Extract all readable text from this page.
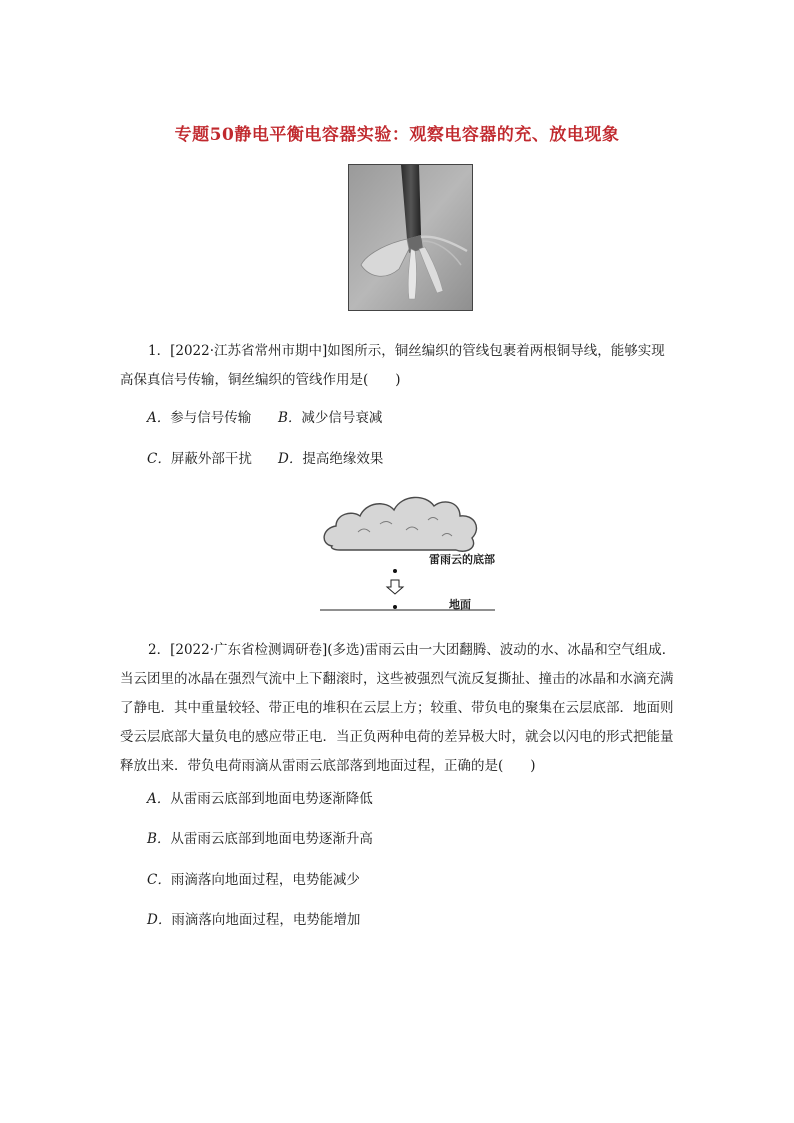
专题50静电平衡电容器实验：观察电容器的充、放电现象

1．[2022·江苏省常州市期中]如图所示，铜丝编织的管线包裹着两根铜导线，能够实现高保真信号传输，铜丝编织的管线作用是(　　)

A．参与信号传输 B．减少信号衰减
C．屏蔽外部干扰 D．提高绝缘效果
雷雨云的底部
地面

2．[2022·广东省检测调研卷](多选)雷雨云由一大团翻腾、波动的水、冰晶和空气组成．当云团里的冰晶在强烈气流中上下翻滚时，这些被强烈气流反复撕扯、撞击的冰晶和水滴充满了静电．其中重量较轻、带正电的堆积在云层上方；较重、带负电的聚集在云层底部．地面则受云层底部大量负电的感应带正电．当正负两种电荷的差异极大时，就会以闪电的形式把能量释放出来．带负电荷雨滴从雷雨云底部落到地面过程，正确的是(　　)

A．从雷雨云底部到地面电势逐渐降低
B．从雷雨云底部到地面电势逐渐升高
C．雨滴落向地面过程，电势能减少
D．雨滴落向地面过程，电势能增加
